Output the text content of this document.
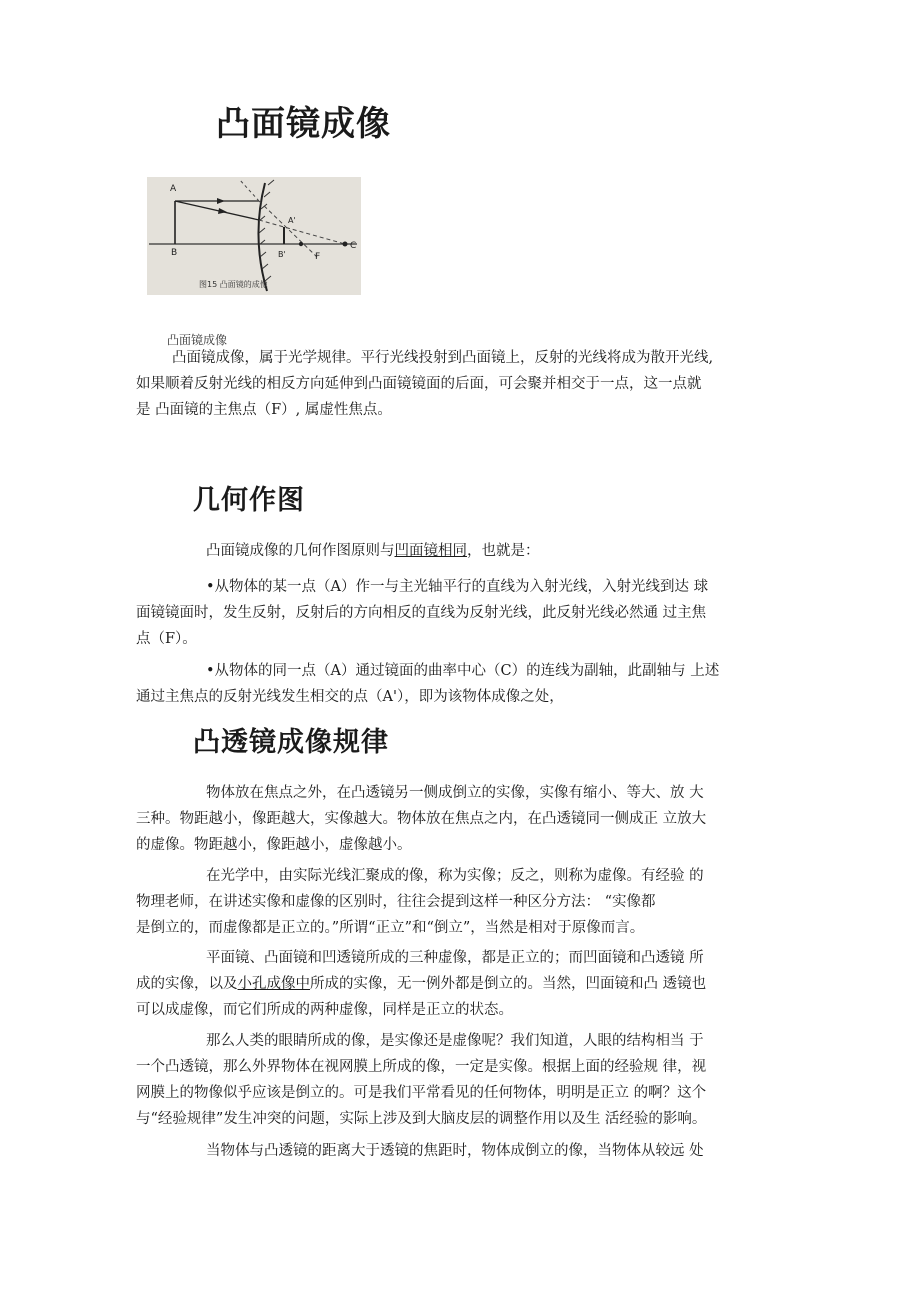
凸面镜成像
A
B
A'
B'	F
C
图15 凸面镜的成像
凸面镜成像

凸面镜成像，属于光学规律。平行光线投射到凸面镜上，反射的光线将成为散开光线,
如果顺着反射光线的相反方向延伸到凸面镜镜面的后面，可会聚并相交于一点，这一点就
是 凸面镜的主焦点（F）, 属虚性焦点。

几何作图

凸面镜成像的几何作图原则与凹面镜相同，也就是：

•从物体的某一点（A）作一与主光轴平行的直线为入射光线，入射光线到达 球
面镜镜面时，发生反射，反射后的方向相反的直线为反射光线，此反射光线必然通 过主焦
点（F）。

•从物体的同一点（A）通过镜面的曲率中心（C）的连线为副轴，此副轴与 上述
通过主焦点的反射光线发生相交的点（A'），即为该物体成像之处，

凸透镜成像规律

物体放在焦点之外，在凸透镜另一侧成倒立的实像，实像有缩小、等大、放 大
三种。物距越小，像距越大，实像越大。物体放在焦点之内，在凸透镜同一侧成正 立放大
的虚像。物距越小，像距越小，虚像越小。

在光学中，由实际光线汇聚成的像，称为实像；反之，则称为虚像。有经验 的
物理老师，在讲述实像和虚像的区别时，往往会提到这样一种区分方法： “实像都
是倒立的，而虚像都是正立的。”所谓“正立”和“倒立”，当然是相对于原像而言。

平面镜、凸面镜和凹透镜所成的三种虚像，都是正立的；而凹面镜和凸透镜 所
成的实像，以及小孔成像中所成的实像，无一例外都是倒立的。当然，凹面镜和凸 透镜也
可以成虚像，而它们所成的两种虚像，同样是正立的状态。

那么人类的眼睛所成的像，是实像还是虚像呢？我们知道，人眼的结构相当 于
一个凸透镜，那么外界物体在视网膜上所成的像，一定是实像。根据上面的经验规 律，视
网膜上的物像似乎应该是倒立的。可是我们平常看见的任何物体，明明是正立 的啊？这个
与“经验规律”发生冲突的问题，实际上涉及到大脑皮层的调整作用以及生 活经验的影响。

当物体与凸透镜的距离大于透镜的焦距时，物体成倒立的像，当物体从较远 处
